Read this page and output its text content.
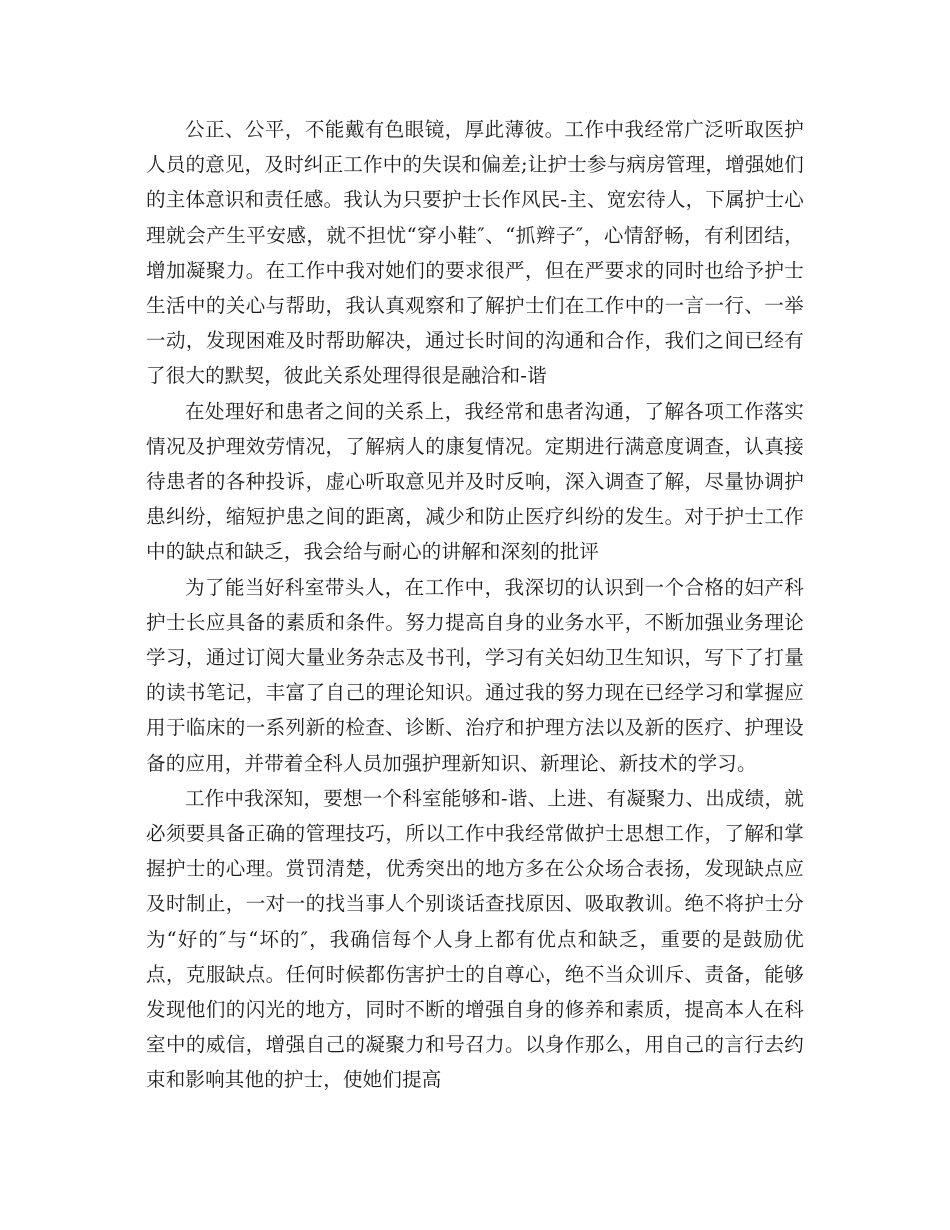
公正、公平，不能戴有色眼镜，厚此薄彼。工作中我经常广泛听取医护人员的意见，及时纠正工作中的失误和偏差;让护士参与病房管理，增强她们的主体意识和责任感。我认为只要护士长作风民-主、宽宏待人，下属护士心理就会产生平安感，就不担忧“穿小鞋″、“抓辫子″，心情舒畅，有利团结，增加凝聚力。在工作中我对她们的要求很严，但在严要求的同时也给予护士生活中的关心与帮助，我认真观察和了解护士们在工作中的一言一行、一举一动，发现困难及时帮助解决，通过长时间的沟通和合作，我们之间已经有了很大的默契，彼此关系处理得很是融洽和-谐

在处理好和患者之间的关系上，我经常和患者沟通，了解各项工作落实情况及护理效劳情况，了解病人的康复情况。定期进行满意度调查，认真接待患者的各种投诉，虚心听取意见并及时反响，深入调查了解，尽量协调护患纠纷，缩短护患之间的距离，减少和防止医疗纠纷的发生。对于护士工作中的缺点和缺乏，我会给与耐心的讲解和深刻的批评

为了能当好科室带头人，在工作中，我深切的认识到一个合格的妇产科护士长应具备的素质和条件。努力提高自身的业务水平，不断加强业务理论学习，通过订阅大量业务杂志及书刊，学习有关妇幼卫生知识，写下了打量的读书笔记，丰富了自己的理论知识。通过我的努力现在已经学习和掌握应用于临床的一系列新的检查、诊断、治疗和护理方法以及新的医疗、护理设备的应用，并带着全科人员加强护理新知识、新理论、新技术的学习。

工作中我深知，要想一个科室能够和-谐、上进、有凝聚力、出成绩，就必须要具备正确的管理技巧，所以工作中我经常做护士思想工作，了解和掌握护士的心理。赏罚清楚，优秀突出的地方多在公众场合表扬，发现缺点应及时制止，一对一的找当事人个别谈话查找原因、吸取教训。绝不将护士分为“好的″与“坏的″，我确信每个人身上都有优点和缺乏，重要的是鼓励优点，克服缺点。任何时候都伤害护士的自尊心，绝不当众训斥、责备，能够发现他们的闪光的地方，同时不断的增强自身的修养和素质，提高本人在科室中的威信，增强自己的凝聚力和号召力。以身作那么，用自己的言行去约束和影响其他的护士，使她们提高
